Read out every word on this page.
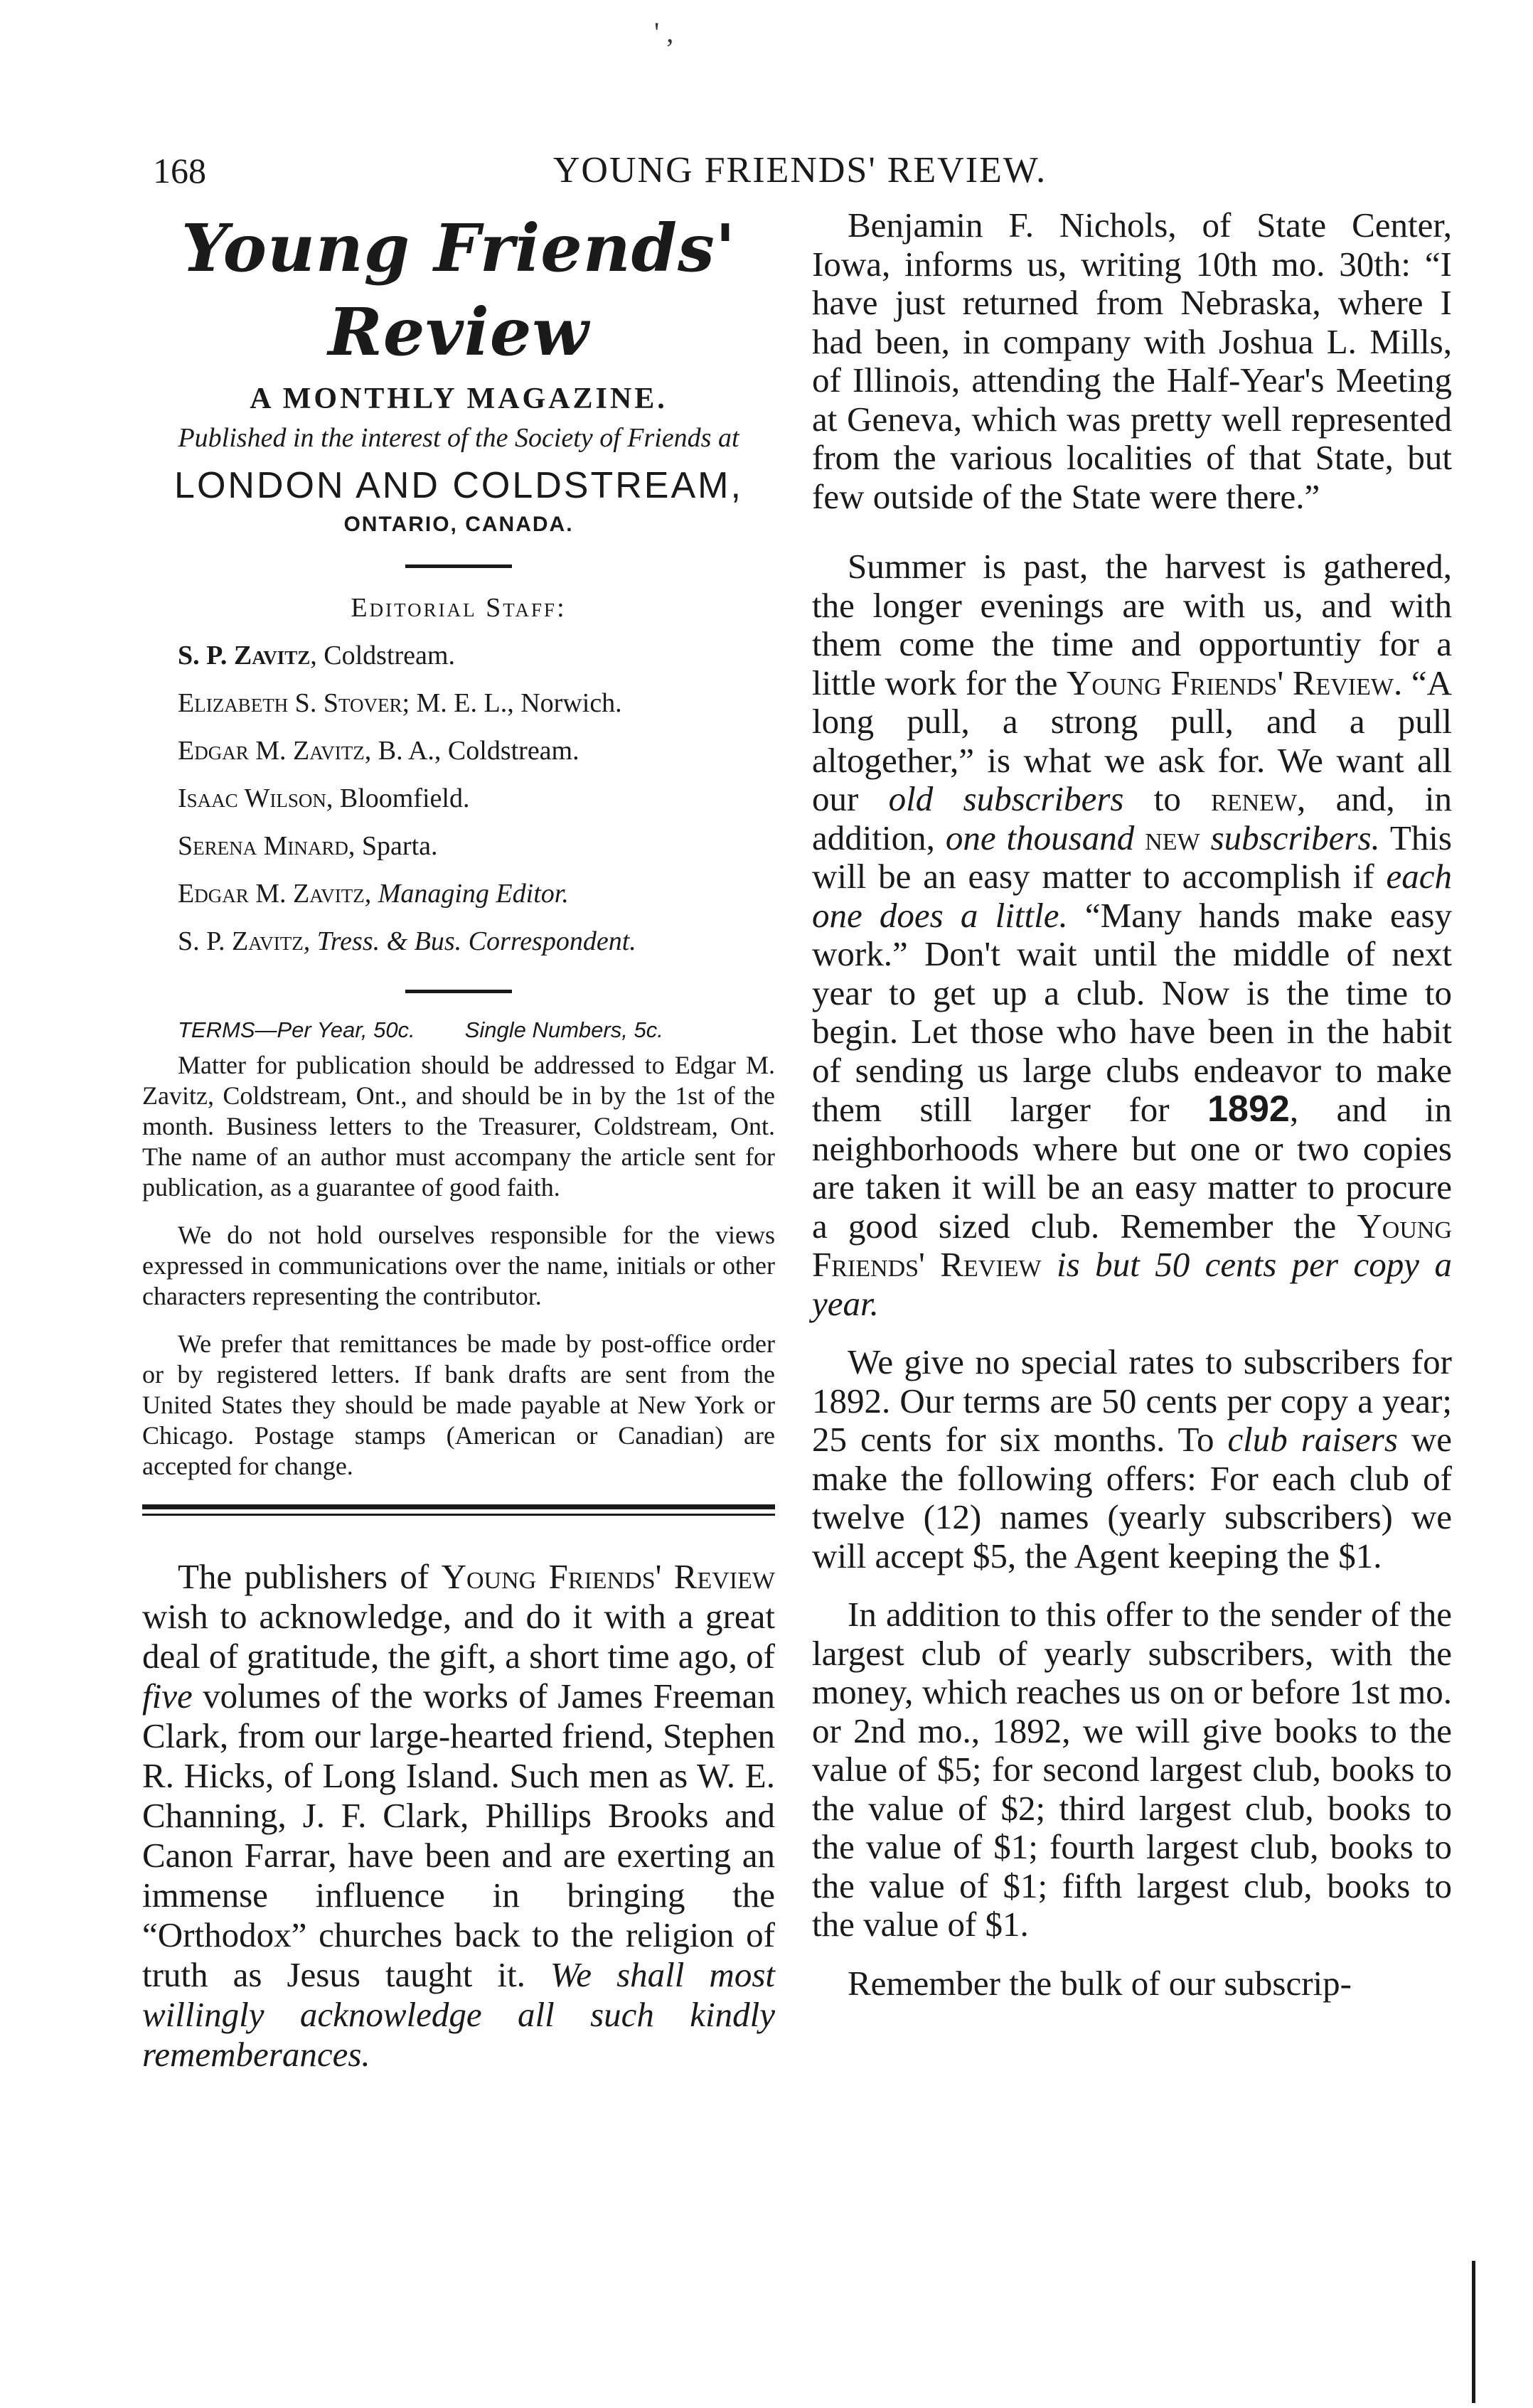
' ,
168	YOUNG FRIENDS' REVIEW.
Young Friends' Review
A MONTHLY MAGAZINE.
Published in the interest of the Society of Friends at
LONDON AND COLDSTREAM,
ONTARIO, CANADA.
Editorial Staff:
S. P. Zavitz, Coldstream.
Elizabeth S. Stover; M. E. L., Norwich.
Edgar M. Zavitz, B. A., Coldstream.
Isaac Wilson, Bloomfield.
Serena Minard, Sparta.
Edgar M. Zavitz, Managing Editor.
S. P. Zavitz, Tress. & Bus. Correspondent.
TERMS—Per Year, 50c. Single Numbers, 5c.

Matter for publication should be addressed to Edgar M. Zavitz, Coldstream, Ont., and should be in by the 1st of the month. Business letters to the Treasurer, Coldstream, Ont. The name of an author must accompany the article sent for publication, as a guarantee of good faith.

We do not hold ourselves responsible for the views expressed in communications over the name, initials or other characters representing the contributor.

We prefer that remittances be made by post-office order or by registered letters. If bank drafts are sent from the United States they should be made payable at New York or Chicago. Postage stamps (American or Canadian) are accepted for change.

The publishers of Young Friends' Review wish to acknowledge, and do it with a great deal of gratitude, the gift, a short time ago, of five volumes of the works of James Freeman Clark, from our large-hearted friend, Stephen R. Hicks, of Long Island. Such men as W. E. Channing, J. F. Clark, Phillips Brooks and Canon Farrar, have been and are exerting an immense influence in bringing the “Orthodox” churches back to the religion of truth as Jesus taught it. We shall most willingly acknowledge all such kindly rememberances.

Benjamin F. Nichols, of State Center, Iowa, informs us, writing 10th mo. 30th: “I have just returned from Nebraska, where I had been, in company with Joshua L. Mills, of Illinois, attending the Half-Year's Meeting at Geneva, which was pretty well represented from the various localities of that State, but few outside of the State were there.”

Summer is past, the harvest is gathered, the longer evenings are with us, and with them come the time and opportuntiy for a little work for the Young Friends' Review. “A long pull, a strong pull, and a pull altogether,” is what we ask for. We want all our old subscribers to renew, and, in addition, one thousand new subscribers. This will be an easy matter to accomplish if each one does a little. “Many hands make easy work.” Don't wait until the middle of next year to get up a club. Now is the time to begin. Let those who have been in the habit of sending us large clubs endeavor to make them still larger for 1892, and in neighborhoods where but one or two copies are taken it will be an easy matter to procure a good sized club. Remember the Young Friends' Review is but 50 cents per copy a year.

We give no special rates to subscribers for 1892. Our terms are 50 cents per copy a year; 25 cents for six months. To club raisers we make the following offers: For each club of twelve (12) names (yearly subscribers) we will accept $5, the Agent keeping the $1.

In addition to this offer to the sender of the largest club of yearly subscribers, with the money, which reaches us on or before 1st mo. or 2nd mo., 1892, we will give books to the value of $5; for second largest club, books to the value of $2; third largest club, books to the value of $1; fourth largest club, books to the value of $1; fifth largest club, books to the value of $1.

Remember the bulk of our subscrip-
